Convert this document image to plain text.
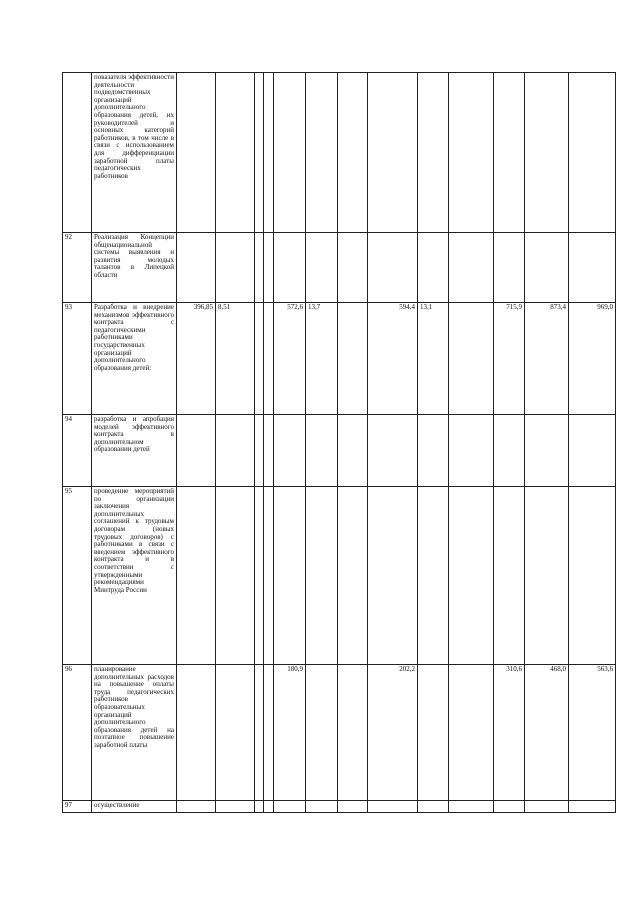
	показателя эффективности деятельности подведомственных организаций дополнительного образования детей, их руководителей и основных категорий работников, в том числе в связи с использованием для дифференциации заработной платы педагогических работников													
92	Реализация Концепции общенациональной системы выявления и развития молодых талантов в Липецкой области													
93	Разработка и внедрение механизмов эффективного контракта с педагогическими работниками государственных организаций дополнительного образования детей:	396,85	8,51			572,6	13,7		594,4	13,1		715,9	873,4	969,0
94	разработка и апробация моделей эффективного контракта в дополнительном образовании детей													
95	проведение мероприятий по организации заключения дополнительных соглашений к трудовым договорам (новых трудовых договоров) с работниками в связи с введением эффективного контракта и в соответствии с утвержденными рекомендациями Минтруда России													
96	планирование дополнительных расходов на повышение оплаты труда педагогических работников образовательных организаций дополнительного образования детей на поэтапное повышение заработной платы					180,9			202,2			310,6	468,0	563,6
97	осуществление													
